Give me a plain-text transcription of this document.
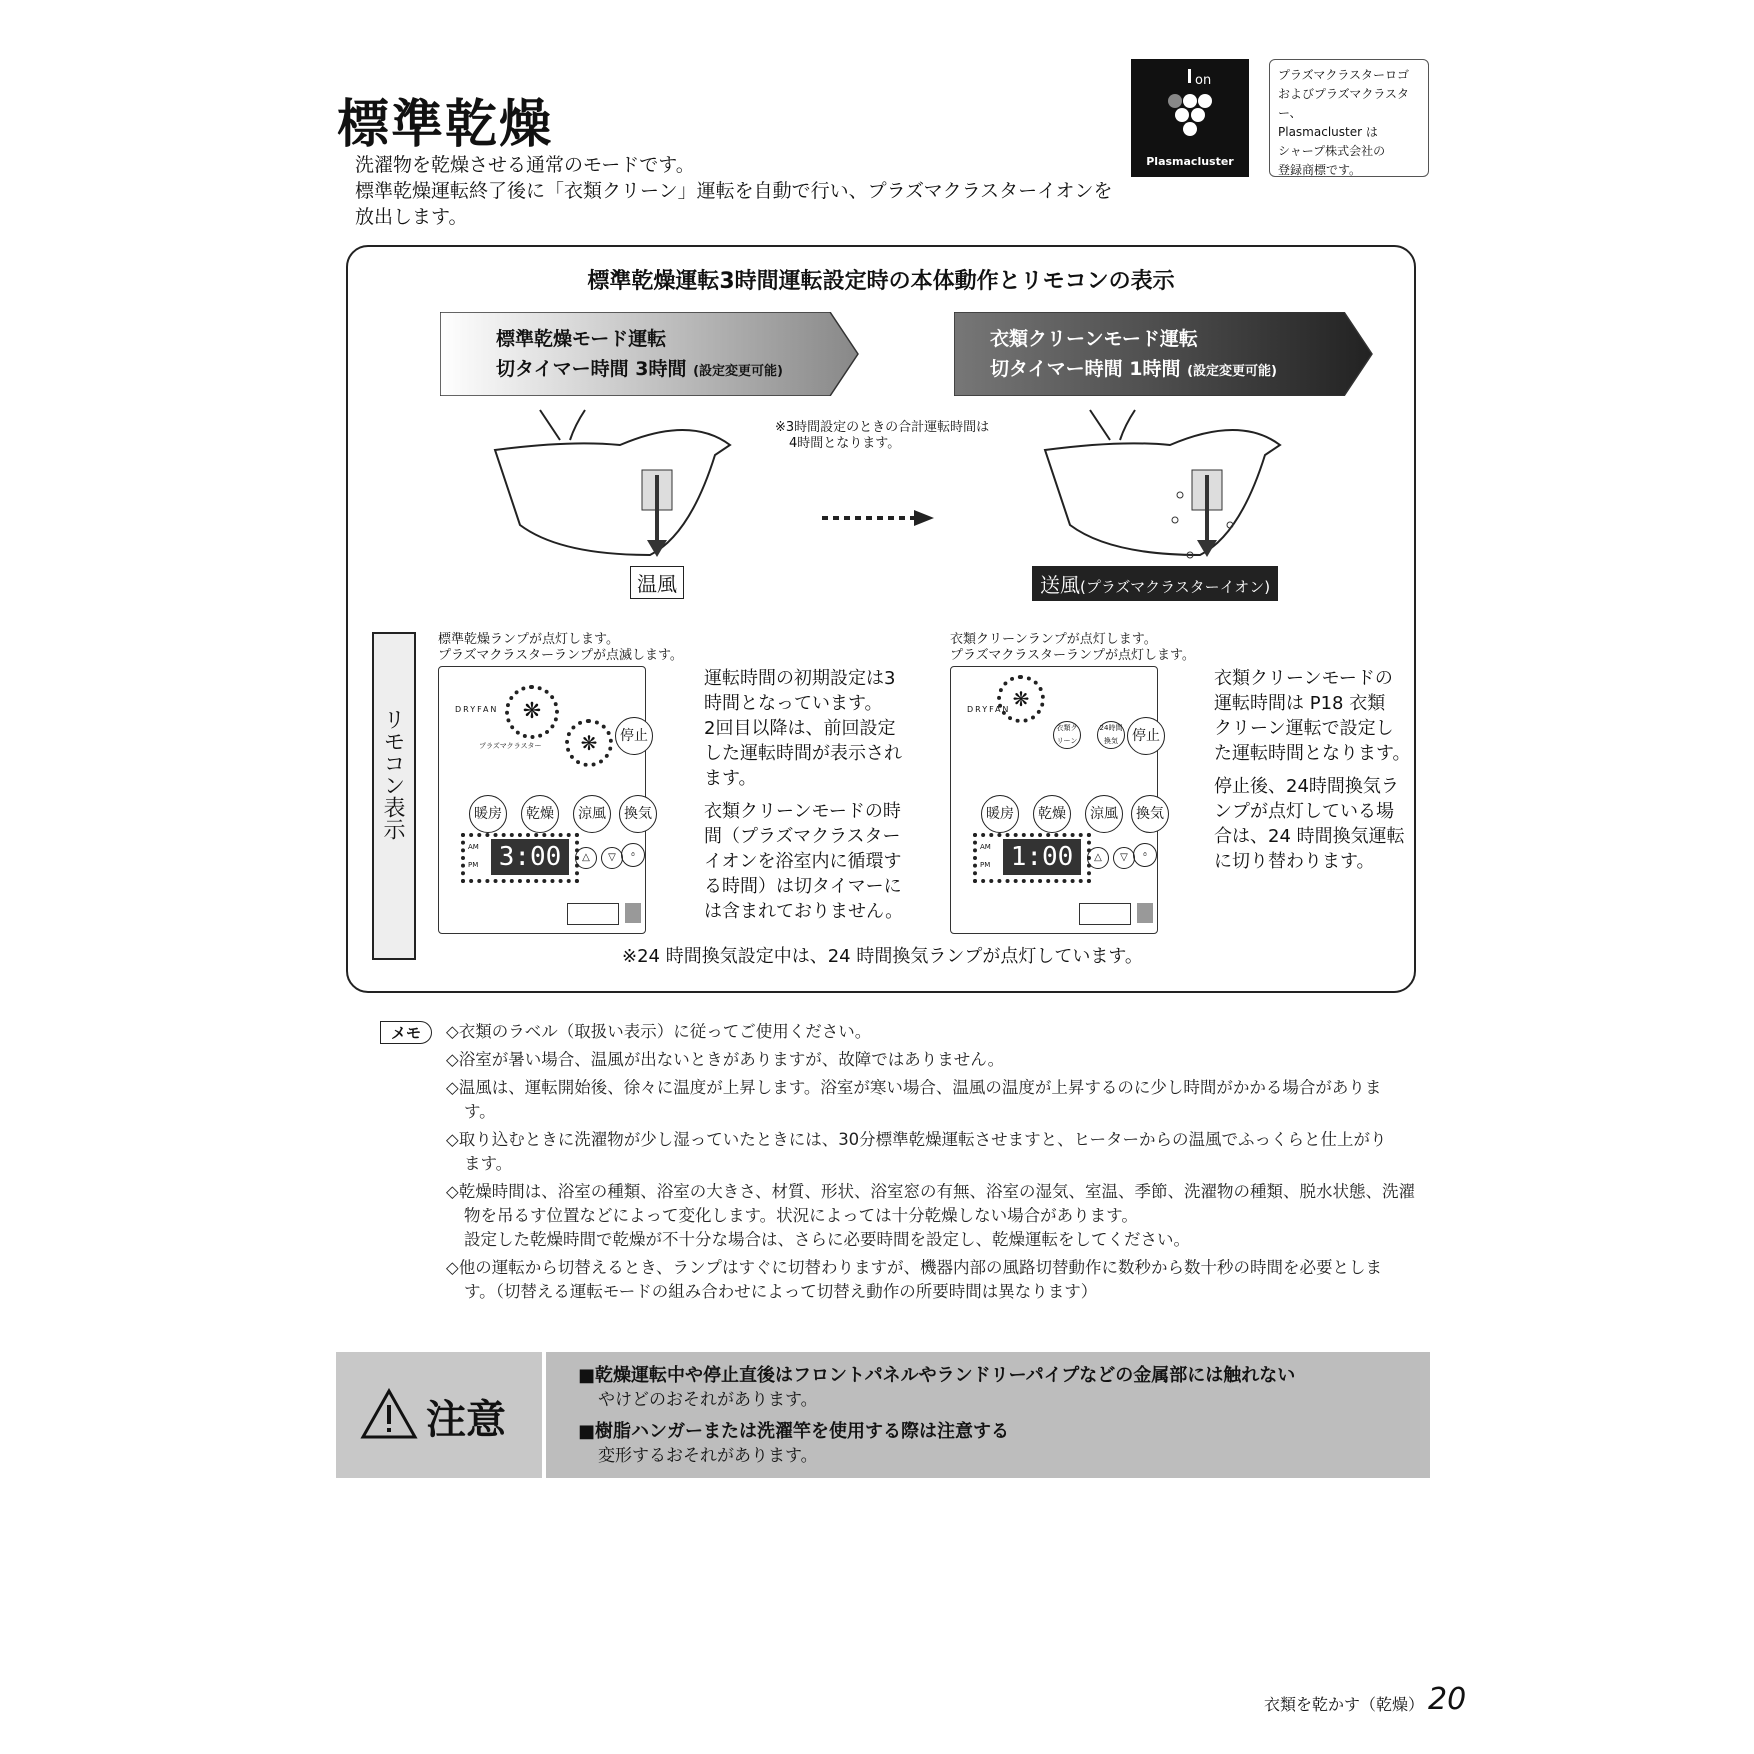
標準乾燥
洗濯物を乾燥させる通常のモードです。
標準乾燥運転終了後に「衣類クリーン」運転を自動で行い、プラズマクラスターイオンを
放出します。
on
Plasmacluster
プラズマクラスターロゴ
およびプラズマクラスター、
Plasmacluster は
シャープ株式会社の
登録商標です。
標準乾燥運転3時間運転設定時の本体動作とリモコンの表示
標準乾燥モード運転
切タイマー時間 3時間 (設定変更可能)
衣類クリーンモード運転
切タイマー時間 1時間 (設定変更可能)
※3時間設定のときの合計運転時間は
4時間となります。
温風	送風(プラズマクラスターイオン)
リモコン表示
標準乾燥ランプが点灯します。
プラズマクラスターランプが点滅します。
衣類クリーンランプが点灯します。
プラズマクラスターランプが点灯します。
DRYFAN	❋
❋
プラズマクラスター
停止
暖房	乾燥	涼風	換気
AM
PM 3:00	△	▽	⏱
DRYFAN ❋
衣類クリーン
24時間換気	停止
暖房	乾燥	涼風	換気
AM
PM 1:00	△	▽	⏱
運転時間の初期設定は3
時間となっています。
2回目以降は、前回設定
した運転時間が表示され
ます。
衣類クリーンモードの時
間（プラズマクラスター
イオンを浴室内に循環す
る時間）は切タイマーに
は含まれておりません。
衣類クリーンモードの
運転時間は P18 衣類
クリーン運転で設定し
た運転時間となります。
停止後、24時間換気ラ
ンプが点灯している場
合は、24 時間換気運転
に切り替わります。
※24 時間換気設定中は、24 時間換気ランプが点灯しています。
メモ	◇衣類のラベル（取扱い表示）に従ってご使用ください。
◇浴室が暑い場合、温風が出ないときがありますが、故障ではありません。
◇温風は、運転開始後、徐々に温度が上昇します。浴室が寒い場合、温風の温度が上昇するのに少し時間がかかる場合がありま
す。
◇取り込むときに洗濯物が少し湿っていたときには、30分標準乾燥運転させますと、ヒーターからの温風でふっくらと仕上がり
ます。
◇乾燥時間は、浴室の種類、浴室の大きさ、材質、形状、浴室窓の有無、浴室の湿気、室温、季節、洗濯物の種類、脱水状態、洗濯
物を吊るす位置などによって変化します。状況によっては十分乾燥しない場合があります。
設定した乾燥時間で乾燥が不十分な場合は、さらに必要時間を設定し、乾燥運転をしてください。
◇他の運転から切替えるとき、ランプはすぐに切替わりますが、機器内部の風路切替動作に数秒から数十秒の時間を必要としま
す。（切替える運転モードの組み合わせによって切替え動作の所要時間は異なります）
注意
■乾燥運転中や停止直後はフロントパネルやランドリーパイプなどの金属部には触れない
やけどのおそれがあります。
■樹脂ハンガーまたは洗濯竿を使用する際は注意する
変形するおそれがあります。
衣類を乾かす（乾燥） 20
